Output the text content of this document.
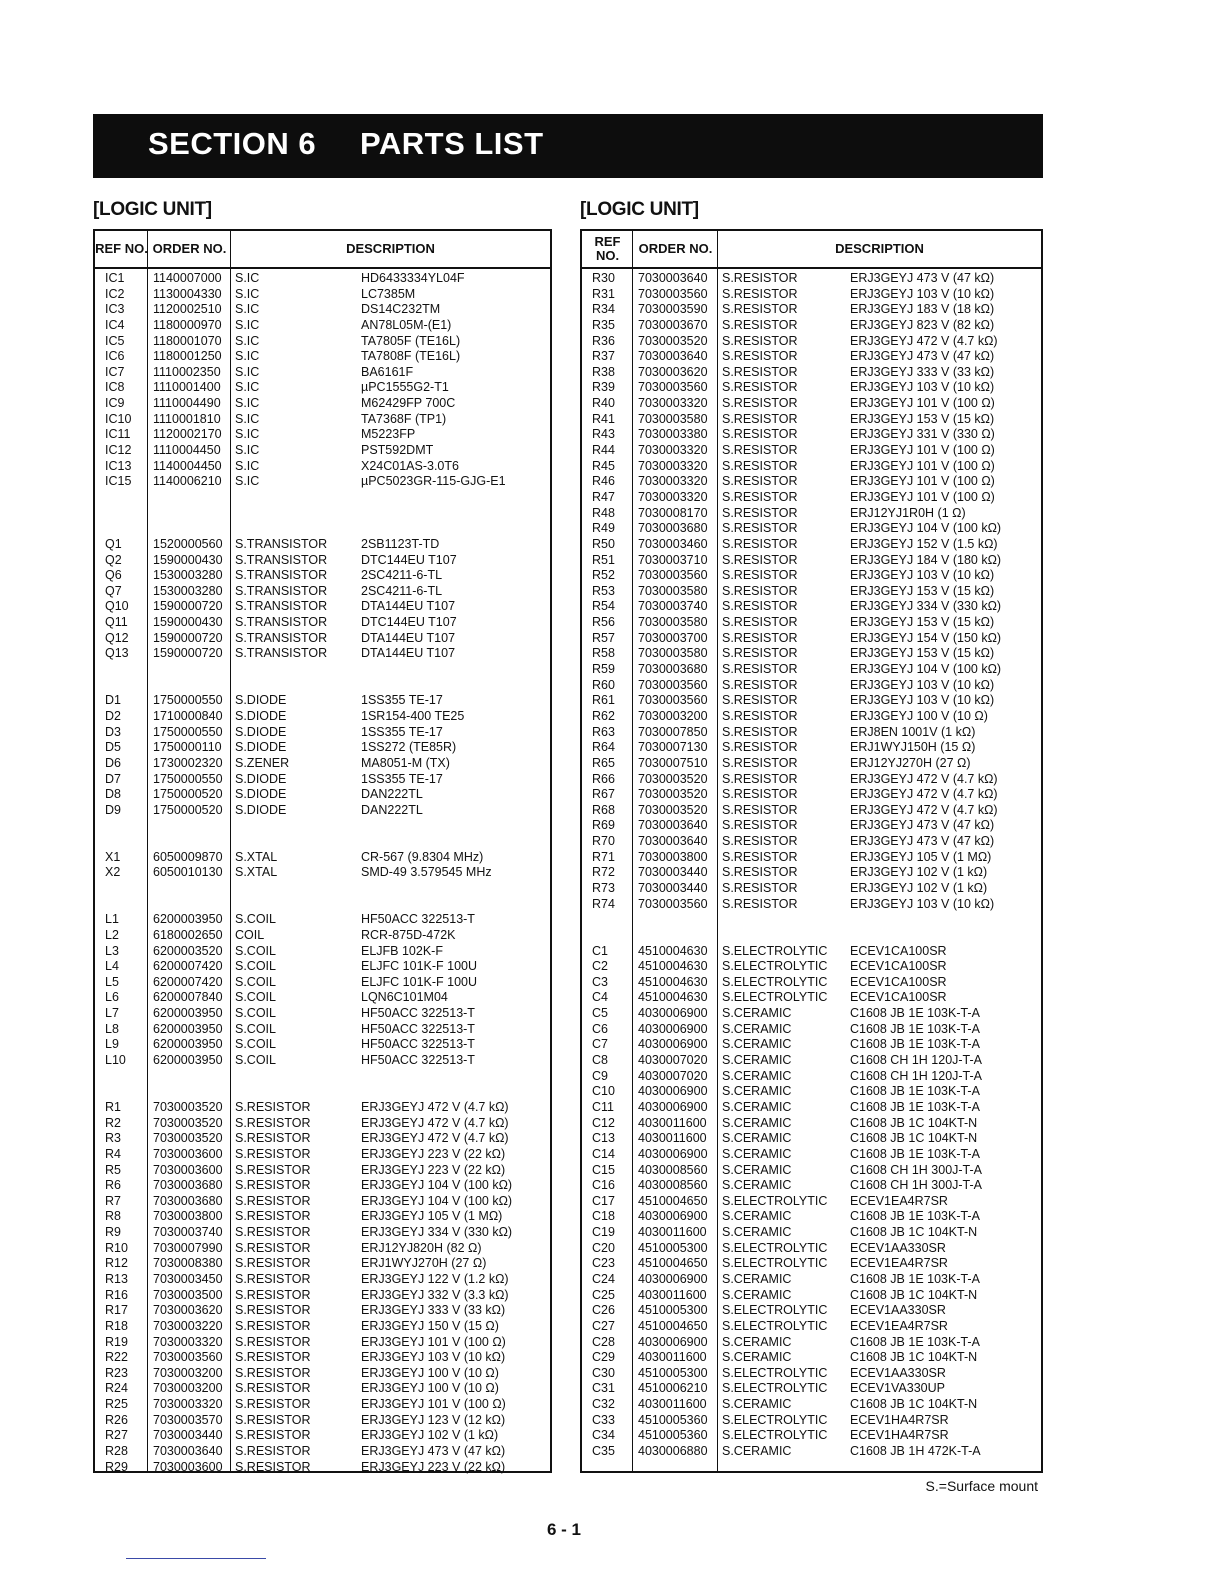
SECTION 6 PARTS LIST
[LOGIC UNIT]	[LOGIC UNIT]
REF NO. ORDER NO.	DESCRIPTION
IC1 1140007000 S.IC	HD6433334YL04F
IC2 1130004330 S.IC	LC7385M
IC3 1120002510 S.IC	DS14C232TM
IC4 1180000970 S.IC	AN78L05M-(E1)
IC5 1180001070 S.IC	TA7805F (TE16L)
IC6 1180001250 S.IC	TA7808F (TE16L)
IC7 1110002350 S.IC	BA6161F
IC8 1110001400 S.IC	µPC1555G2-T1
IC9 1110004490 S.IC	M62429FP 700C
IC10 1110001810 S.IC	TA7368F (TP1)
IC11 1120002170 S.IC	M5223FP
IC12 1110004450 S.IC	PST592DMT
IC13 1140004450 S.IC	X24C01AS-3.0T6
IC15 1140006210 S.IC	µPC5023GR-115-GJG-E1
Q1	1520000560 S.TRANSISTOR	2SB1123T-TD
Q2	1590000430 S.TRANSISTOR	DTC144EU T107
Q6	1530003280 S.TRANSISTOR	2SC4211-6-TL
Q7	1530003280 S.TRANSISTOR	2SC4211-6-TL
Q10 1590000720 S.TRANSISTOR	DTA144EU T107
Q11 1590000430 S.TRANSISTOR	DTC144EU T107
Q12 1590000720 S.TRANSISTOR	DTA144EU T107
Q13 1590000720 S.TRANSISTOR	DTA144EU T107
D1	1750000550 S.DIODE	1SS355 TE-17
D2	1710000840 S.DIODE	1SR154-400 TE25
D3	1750000550 S.DIODE	1SS355 TE-17
D5	1750000110 S.DIODE	1SS272 (TE85R)
D6	1730002320 S.ZENER	MA8051-M (TX)
D7	1750000550 S.DIODE	1SS355 TE-17
D8	1750000520 S.DIODE	DAN222TL
D9	1750000520 S.DIODE	DAN222TL
X1	6050009870 S.XTAL	CR-567 (9.8304 MHz)
X2	6050010130 S.XTAL	SMD-49 3.579545 MHz
L1	6200003950 S.COIL	HF50ACC 322513-T
L2	6180002650 COIL	RCR-875D-472K
L3	6200003520 S.COIL	ELJFB 102K-F
L4	6200007420 S.COIL	ELJFC 101K-F 100U
L5	6200007420 S.COIL	ELJFC 101K-F 100U
L6	6200007840 S.COIL	LQN6C101M04
L7	6200003950 S.COIL	HF50ACC 322513-T
L8	6200003950 S.COIL	HF50ACC 322513-T
L9	6200003950 S.COIL	HF50ACC 322513-T
L10 6200003950 S.COIL	HF50ACC 322513-T
R1	7030003520 S.RESISTOR	ERJ3GEYJ 472 V (4.7 kΩ)
R2	7030003520 S.RESISTOR	ERJ3GEYJ 472 V (4.7 kΩ)
R3	7030003520 S.RESISTOR	ERJ3GEYJ 472 V (4.7 kΩ)
R4	7030003600 S.RESISTOR	ERJ3GEYJ 223 V (22 kΩ)
R5	7030003600 S.RESISTOR	ERJ3GEYJ 223 V (22 kΩ)
R6	7030003680 S.RESISTOR	ERJ3GEYJ 104 V (100 kΩ)
R7	7030003680 S.RESISTOR	ERJ3GEYJ 104 V (100 kΩ)
R8	7030003800 S.RESISTOR	ERJ3GEYJ 105 V (1 MΩ)
R9	7030003740 S.RESISTOR	ERJ3GEYJ 334 V (330 kΩ)
R10 7030007990 S.RESISTOR	ERJ12YJ820H (82 Ω)
R12 7030008380 S.RESISTOR	ERJ1WYJ270H (27 Ω)
R13 7030003450 S.RESISTOR	ERJ3GEYJ 122 V (1.2 kΩ)
R16 7030003500 S.RESISTOR	ERJ3GEYJ 332 V (3.3 kΩ)
R17 7030003620 S.RESISTOR	ERJ3GEYJ 333 V (33 kΩ)
R18 7030003220 S.RESISTOR	ERJ3GEYJ 150 V (15 Ω)
R19 7030003320 S.RESISTOR	ERJ3GEYJ 101 V (100 Ω)
R22 7030003560 S.RESISTOR	ERJ3GEYJ 103 V (10 kΩ)
R23 7030003200 S.RESISTOR	ERJ3GEYJ 100 V (10 Ω)
R24 7030003200 S.RESISTOR	ERJ3GEYJ 100 V (10 Ω)
R25 7030003320 S.RESISTOR	ERJ3GEYJ 101 V (100 Ω)
R26 7030003570 S.RESISTOR	ERJ3GEYJ 123 V (12 kΩ)
R27 7030003440 S.RESISTOR	ERJ3GEYJ 102 V (1 kΩ)
R28 7030003640 S.RESISTOR	ERJ3GEYJ 473 V (47 kΩ)
R29 7030003600 S.RESISTOR	ERJ3GEYJ 223 V (22 kΩ)
REF NO.	ORDER NO.	DESCRIPTION
R30 7030003640 S.RESISTOR	ERJ3GEYJ 473 V (47 kΩ)
R31 7030003560 S.RESISTOR	ERJ3GEYJ 103 V (10 kΩ)
R34 7030003590 S.RESISTOR	ERJ3GEYJ 183 V (18 kΩ)
R35 7030003670 S.RESISTOR	ERJ3GEYJ 823 V (82 kΩ)
R36 7030003520 S.RESISTOR	ERJ3GEYJ 472 V (4.7 kΩ)
R37 7030003640 S.RESISTOR	ERJ3GEYJ 473 V (47 kΩ)
R38 7030003620 S.RESISTOR	ERJ3GEYJ 333 V (33 kΩ)
R39 7030003560 S.RESISTOR	ERJ3GEYJ 103 V (10 kΩ)
R40 7030003320 S.RESISTOR	ERJ3GEYJ 101 V (100 Ω)
R41 7030003580 S.RESISTOR	ERJ3GEYJ 153 V (15 kΩ)
R43 7030003380 S.RESISTOR	ERJ3GEYJ 331 V (330 Ω)
R44 7030003320 S.RESISTOR	ERJ3GEYJ 101 V (100 Ω)
R45 7030003320 S.RESISTOR	ERJ3GEYJ 101 V (100 Ω)
R46 7030003320 S.RESISTOR	ERJ3GEYJ 101 V (100 Ω)
R47 7030003320 S.RESISTOR	ERJ3GEYJ 101 V (100 Ω)
R48 7030008170 S.RESISTOR	ERJ12YJ1R0H (1 Ω)
R49 7030003680 S.RESISTOR	ERJ3GEYJ 104 V (100 kΩ)
R50 7030003460 S.RESISTOR	ERJ3GEYJ 152 V (1.5 kΩ)
R51 7030003710 S.RESISTOR	ERJ3GEYJ 184 V (180 kΩ)
R52 7030003560 S.RESISTOR	ERJ3GEYJ 103 V (10 kΩ)
R53 7030003580 S.RESISTOR	ERJ3GEYJ 153 V (15 kΩ)
R54 7030003740 S.RESISTOR	ERJ3GEYJ 334 V (330 kΩ)
R56 7030003580 S.RESISTOR	ERJ3GEYJ 153 V (15 kΩ)
R57 7030003700 S.RESISTOR	ERJ3GEYJ 154 V (150 kΩ)
R58 7030003580 S.RESISTOR	ERJ3GEYJ 153 V (15 kΩ)
R59 7030003680 S.RESISTOR	ERJ3GEYJ 104 V (100 kΩ)
R60 7030003560 S.RESISTOR	ERJ3GEYJ 103 V (10 kΩ)
R61 7030003560 S.RESISTOR	ERJ3GEYJ 103 V (10 kΩ)
R62 7030003200 S.RESISTOR	ERJ3GEYJ 100 V (10 Ω)
R63 7030007850 S.RESISTOR	ERJ8EN 1001V (1 kΩ)
R64 7030007130 S.RESISTOR	ERJ1WYJ150H (15 Ω)
R65 7030007510 S.RESISTOR	ERJ12YJ270H (27 Ω)
R66 7030003520 S.RESISTOR	ERJ3GEYJ 472 V (4.7 kΩ)
R67 7030003520 S.RESISTOR	ERJ3GEYJ 472 V (4.7 kΩ)
R68 7030003520 S.RESISTOR	ERJ3GEYJ 472 V (4.7 kΩ)
R69 7030003640 S.RESISTOR	ERJ3GEYJ 473 V (47 kΩ)
R70 7030003640 S.RESISTOR	ERJ3GEYJ 473 V (47 kΩ)
R71 7030003800 S.RESISTOR	ERJ3GEYJ 105 V (1 MΩ)
R72 7030003440 S.RESISTOR	ERJ3GEYJ 102 V (1 kΩ)
R73 7030003440 S.RESISTOR	ERJ3GEYJ 102 V (1 kΩ)
R74 7030003560 S.RESISTOR	ERJ3GEYJ 103 V (10 kΩ)
C1 4510004630 S.ELECTROLYTIC ECEV1CA100SR
C2 4510004630 S.ELECTROLYTIC ECEV1CA100SR
C3 4510004630 S.ELECTROLYTIC ECEV1CA100SR
C4 4510004630 S.ELECTROLYTIC ECEV1CA100SR
C5 4030006900 S.CERAMIC	C1608 JB 1E 103K-T-A
C6 4030006900 S.CERAMIC	C1608 JB 1E 103K-T-A
C7 4030006900 S.CERAMIC	C1608 JB 1E 103K-T-A
C8 4030007020 S.CERAMIC	C1608 CH 1H 120J-T-A
C9 4030007020 S.CERAMIC	C1608 CH 1H 120J-T-A
C10 4030006900 S.CERAMIC	C1608 JB 1E 103K-T-A
C11 4030006900 S.CERAMIC	C1608 JB 1E 103K-T-A
C12 4030011600 S.CERAMIC	C1608 JB 1C 104KT-N
C13 4030011600 S.CERAMIC	C1608 JB 1C 104KT-N
C14 4030006900 S.CERAMIC	C1608 JB 1E 103K-T-A
C15 4030008560 S.CERAMIC	C1608 CH 1H 300J-T-A
C16 4030008560 S.CERAMIC	C1608 CH 1H 300J-T-A
C17 4510004650 S.ELECTROLYTIC ECEV1EA4R7SR
C18 4030006900 S.CERAMIC	C1608 JB 1E 103K-T-A
C19 4030011600 S.CERAMIC	C1608 JB 1C 104KT-N
C20 4510005300 S.ELECTROLYTIC ECEV1AA330SR
C23 4510004650 S.ELECTROLYTIC ECEV1EA4R7SR
C24 4030006900 S.CERAMIC	C1608 JB 1E 103K-T-A
C25 4030011600 S.CERAMIC	C1608 JB 1C 104KT-N
C26 4510005300 S.ELECTROLYTIC ECEV1AA330SR
C27 4510004650 S.ELECTROLYTIC ECEV1EA4R7SR
C28 4030006900 S.CERAMIC	C1608 JB 1E 103K-T-A
C29 4030011600 S.CERAMIC	C1608 JB 1C 104KT-N
C30 4510005300 S.ELECTROLYTIC ECEV1AA330SR
C31 4510006210 S.ELECTROLYTIC ECEV1VA330UP
C32 4030011600 S.CERAMIC	C1608 JB 1C 104KT-N
C33 4510005360 S.ELECTROLYTIC ECEV1HA4R7SR
C34 4510005360 S.ELECTROLYTIC ECEV1HA4R7SR
C35 4030006880 S.CERAMIC	C1608 JB 1H 472K-T-A
S.=Surface mount
6 - 1
